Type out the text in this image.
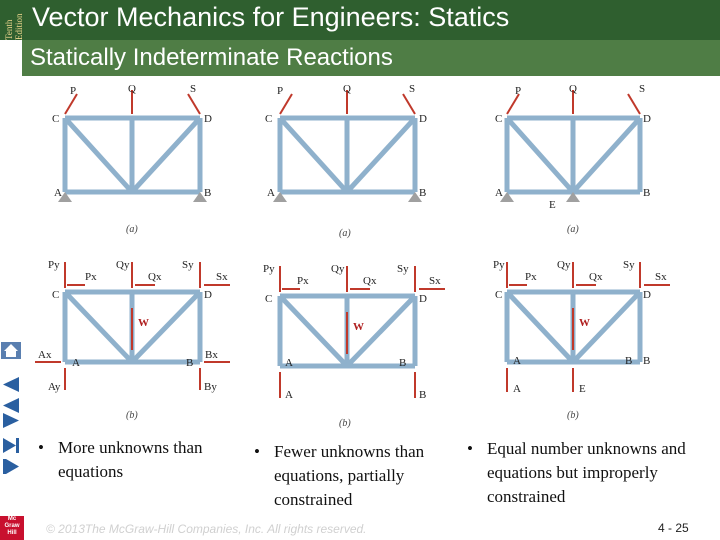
Tenth Edition Vector Mechanics for Engineers: Statics
Statically Indeterminate Reactions
Mc Graw Hill
P	Q	S
C	D
A	B
(a)
Py
Px
Qy
Qx
Sy
Sx
C	D
W
Ax
A	B
Bx
Ay	By
(b)
P	Q	S
C	D
A	B
(a)
Py
Px
Qy
Qx
Sy
Sx
C	D
W
A	B
A	B
(b)
P	Q	S
C	D
A	B
E
(a)
Py
Px
Qy
Qx
Sy
Sx
C	D
W
A	B
A	E
B
(b)
• More unknowns than equations
• Fewer unknowns than equations, partially constrained
• Equal number unknowns and equations but improperly constrained
© 2013The McGraw-Hill Companies, Inc. All rights reserved.	4 - 25
